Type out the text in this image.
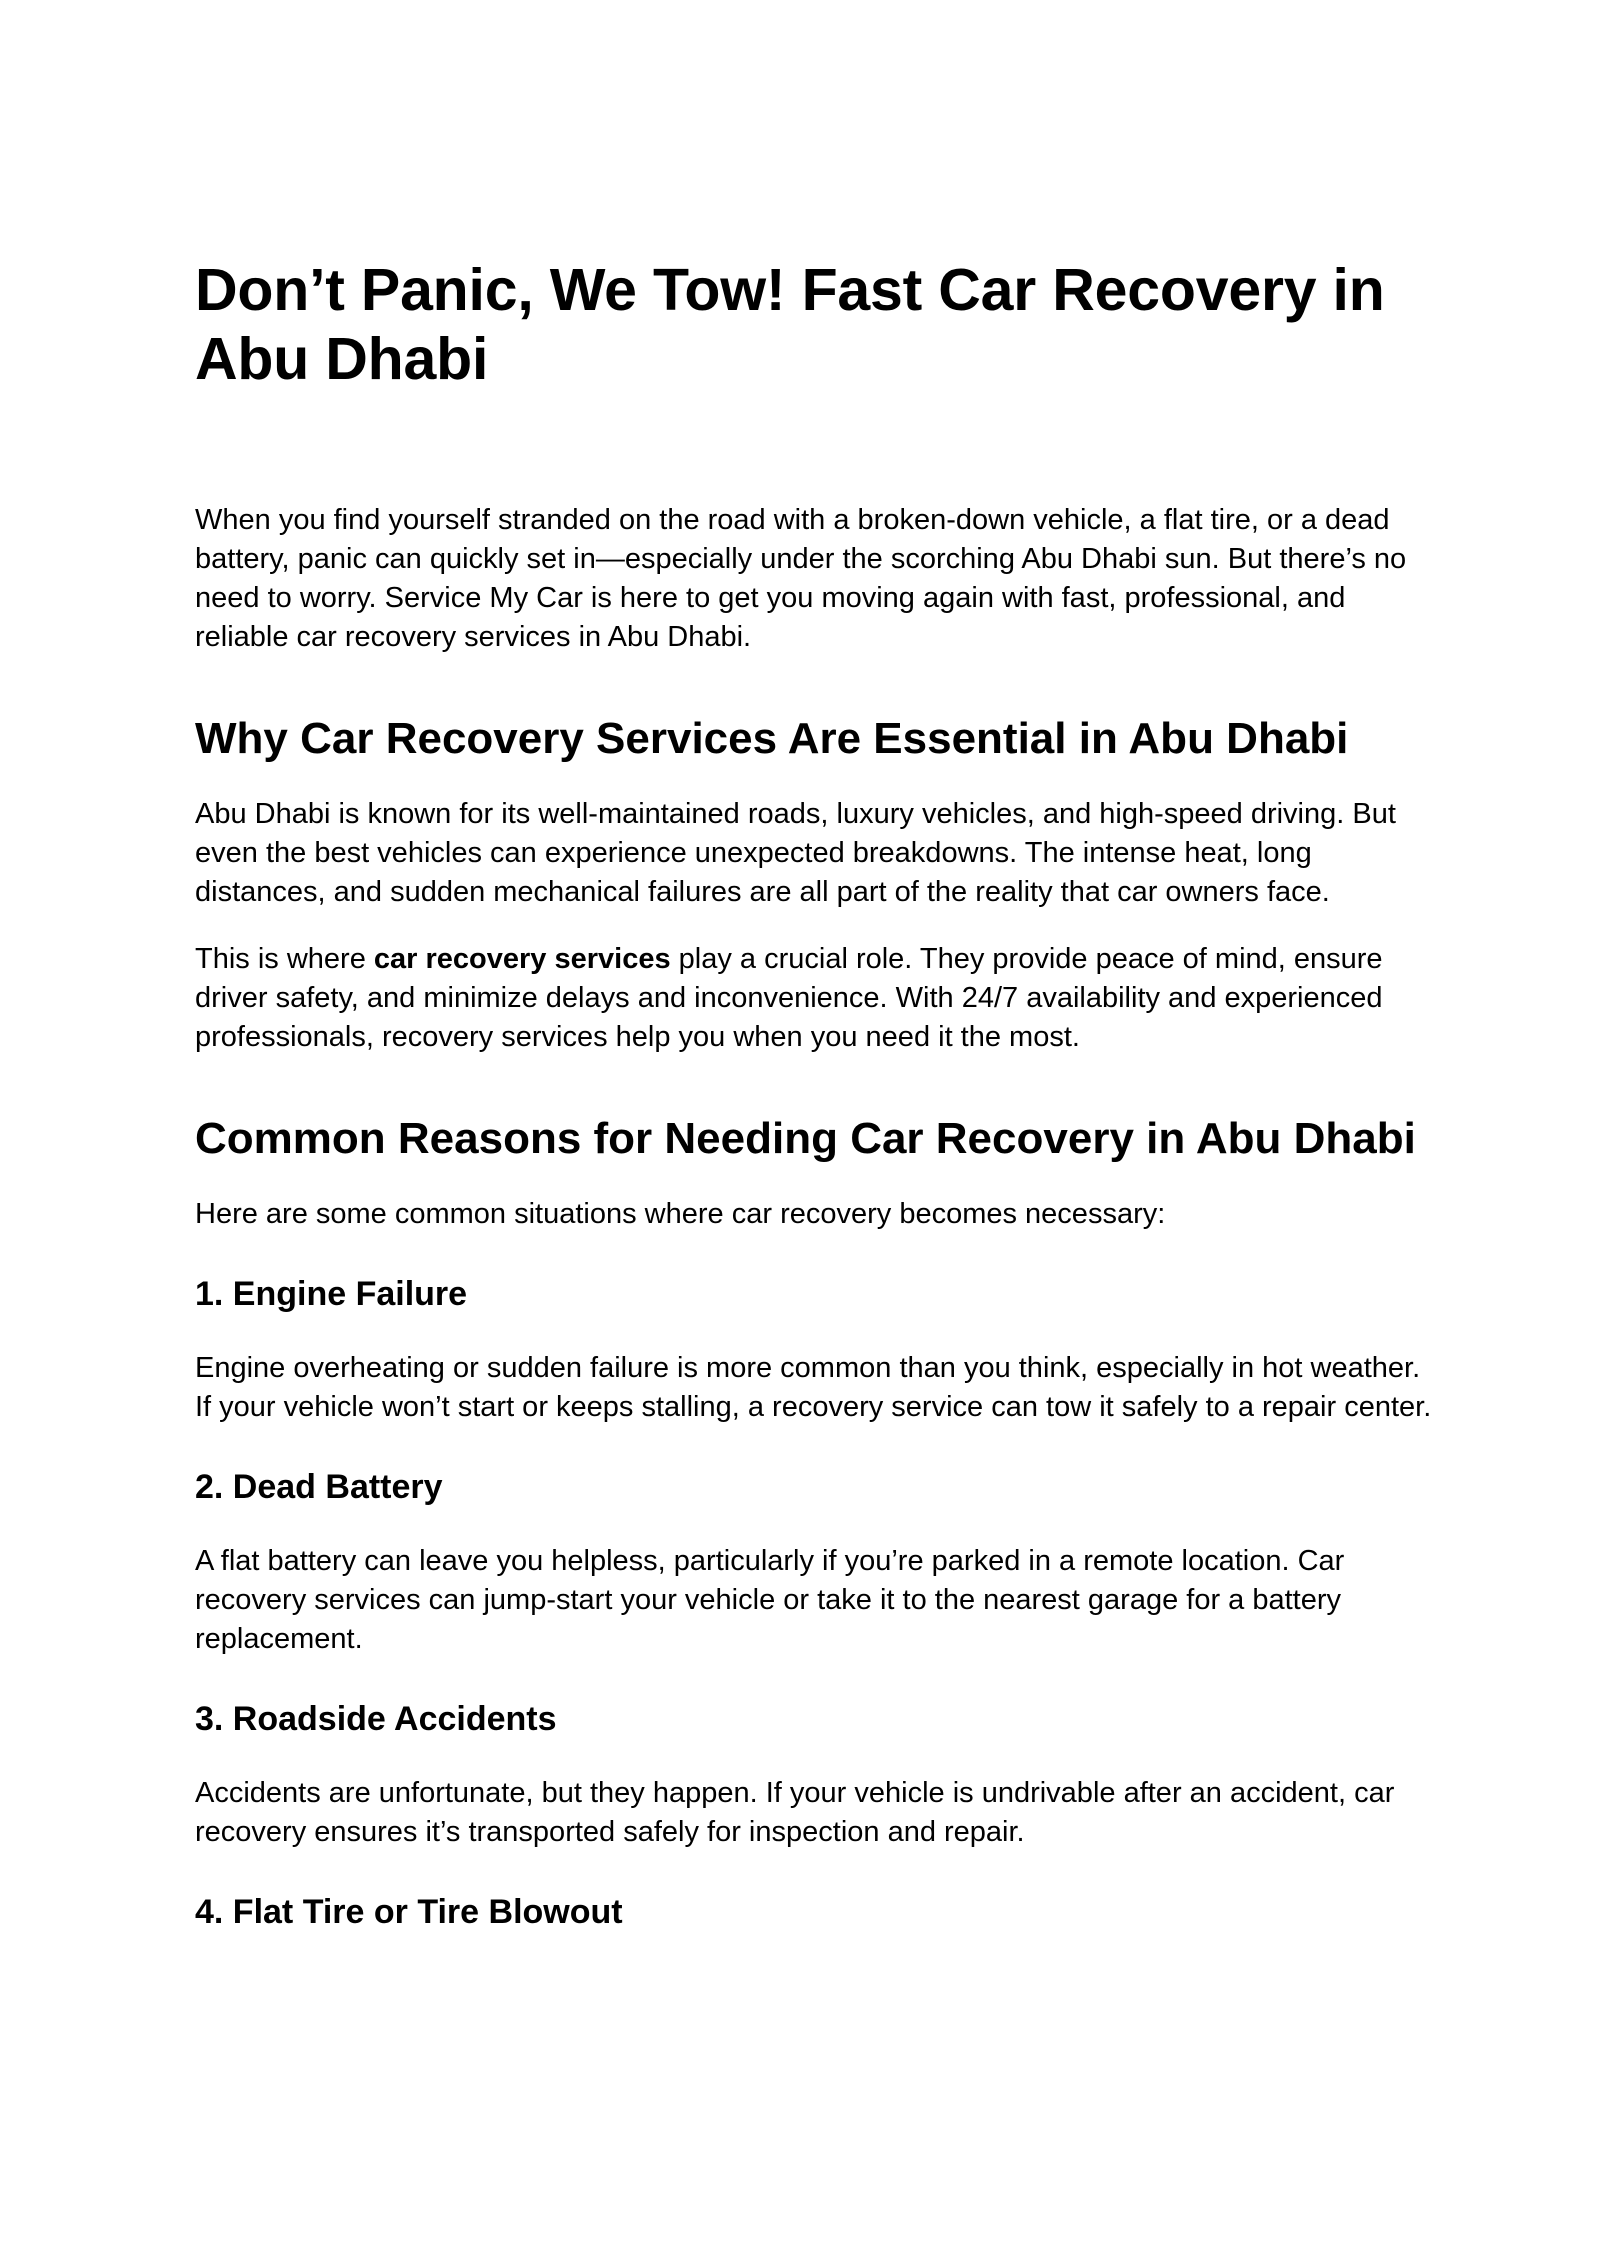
Don’t Panic, We Tow! Fast Car Recovery in Abu Dhabi

When you find yourself stranded on the road with a broken-down vehicle, a flat tire, or a dead battery, panic can quickly set in—especially under the scorching Abu Dhabi sun. But there’s no need to worry. Service My Car is here to get you moving again with fast, professional, and reliable car recovery services in Abu Dhabi.

Why Car Recovery Services Are Essential in Abu Dhabi

Abu Dhabi is known for its well-maintained roads, luxury vehicles, and high-speed driving. But even the best vehicles can experience unexpected breakdowns. The intense heat, long distances, and sudden mechanical failures are all part of the reality that car owners face.

This is where car recovery services play a crucial role. They provide peace of mind, ensure driver safety, and minimize delays and inconvenience. With 24/7 availability and experienced professionals, recovery services help you when you need it the most.

Common Reasons for Needing Car Recovery in Abu Dhabi

Here are some common situations where car recovery becomes necessary:

1. Engine Failure

Engine overheating or sudden failure is more common than you think, especially in hot weather. If your vehicle won’t start or keeps stalling, a recovery service can tow it safely to a repair center.

2. Dead Battery

A flat battery can leave you helpless, particularly if you’re parked in a remote location. Car recovery services can jump-start your vehicle or take it to the nearest garage for a battery replacement.

3. Roadside Accidents

Accidents are unfortunate, but they happen. If your vehicle is undrivable after an accident, car recovery ensures it’s transported safely for inspection and repair.

4. Flat Tire or Tire Blowout
